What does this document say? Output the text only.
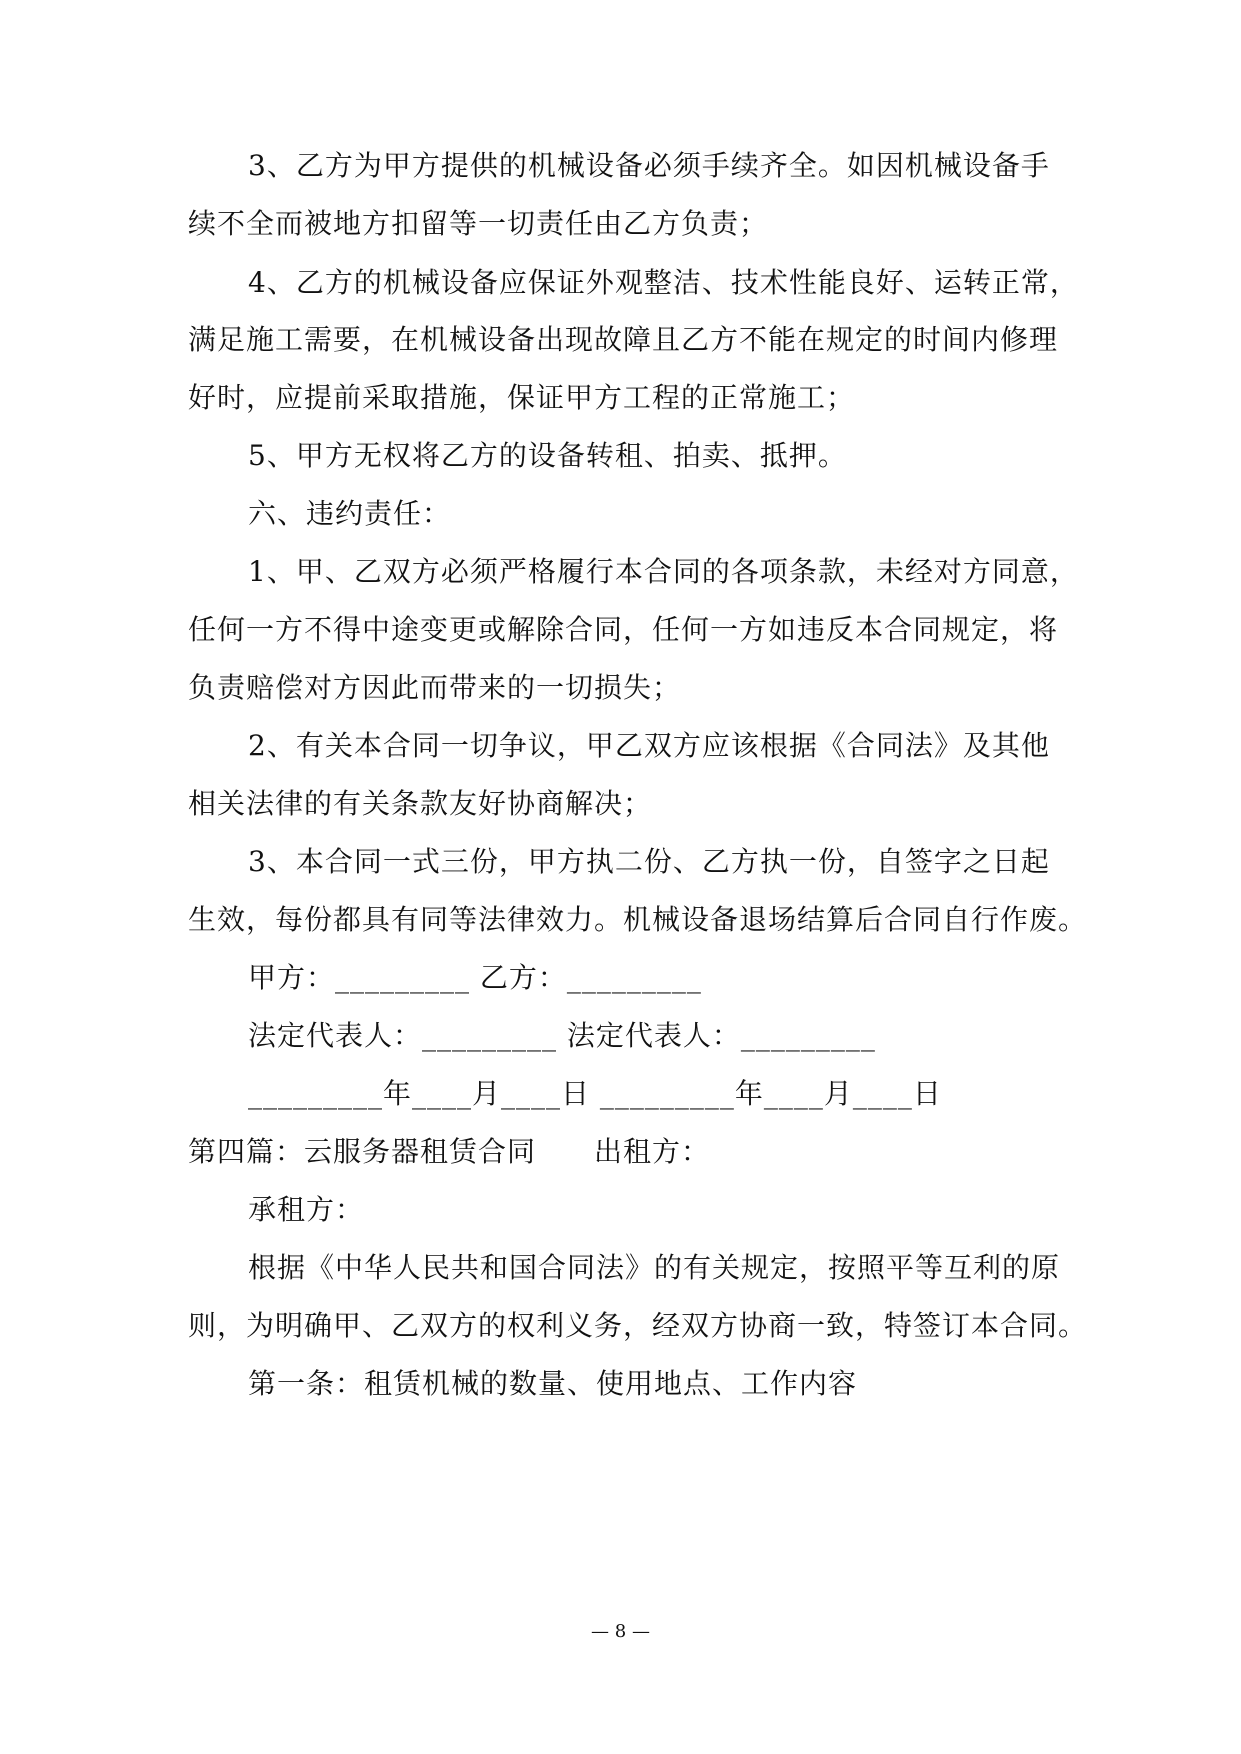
3、乙方为甲方提供的机械设备必须手续齐全。如因机械设备手
续不全而被地方扣留等一切责任由乙方负责；
4、乙方的机械设备应保证外观整洁、技术性能良好、运转正常，
满足施工需要，在机械设备出现故障且乙方不能在规定的时间内修理
好时，应提前采取措施，保证甲方工程的正常施工；
5、甲方无权将乙方的设备转租、拍卖、抵押。
六、违约责任：
1、甲、乙双方必须严格履行本合同的各项条款，未经对方同意，
任何一方不得中途变更或解除合同，任何一方如违反本合同规定，将
负责赔偿对方因此而带来的一切损失；
2、有关本合同一切争议，甲乙双方应该根据《合同法》及其他
相关法律的有关条款友好协商解决；
3、本合同一式三份，甲方执二份、乙方执一份，自签字之日起
生效，每份都具有同等法律效力。机械设备退场结算后合同自行作废。
甲方：_________ 乙方：_________
法定代表人：_________ 法定代表人：_________
_________年____月____日 _________年____月____日
第四篇：云服务器租赁合同　　出租方：
承租方：
根据《中华人民共和国合同法》的有关规定，按照平等互利的原
则，为明确甲、乙双方的权利义务，经双方协商一致，特签订本合同。
第一条：租赁机械的数量、使用地点、工作内容
— 8 —
